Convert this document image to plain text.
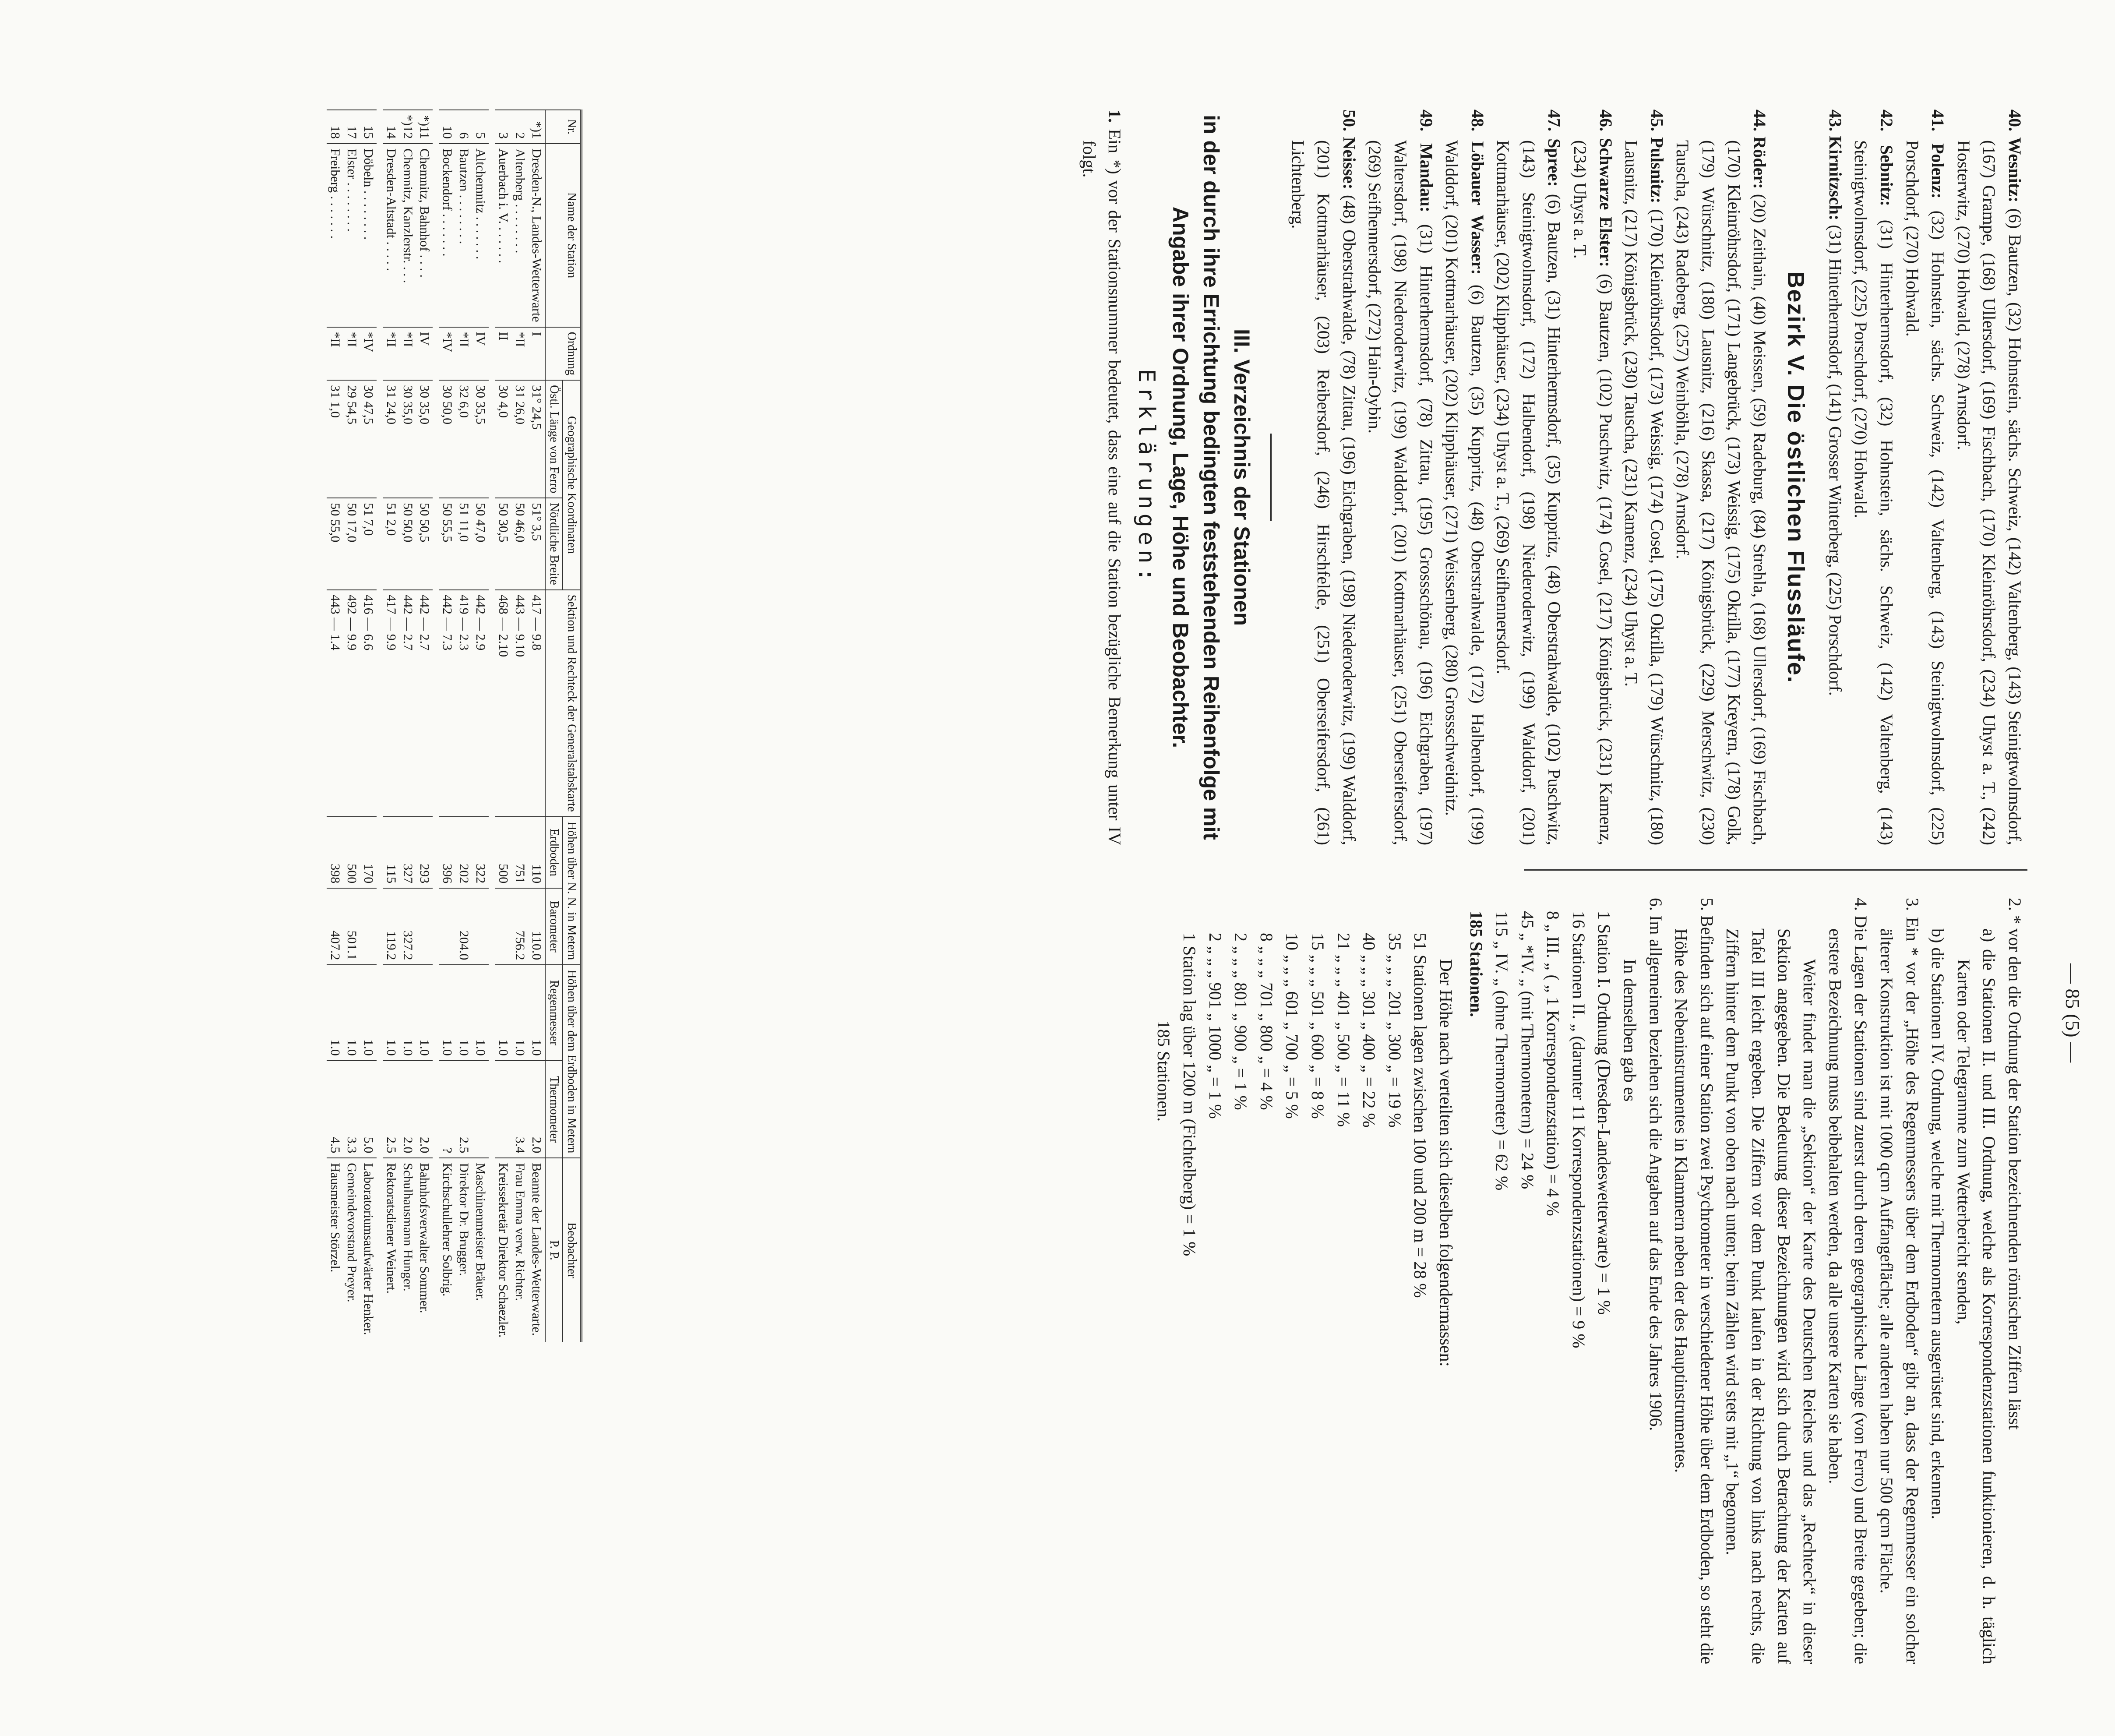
— 85 (5) —

40. Wesnitz: (6) Bautzen, (32) Hohnstein, sächs. Schweiz, (142) Valtenberg, (143) Steinigtwolmsdorf, (167) Grampe, (168) Ullersdorf, (169) Fischbach, (170) Kleinröhrsdorf, (234) Uhyst a. T., (242) Hosterwitz, (270) Hohwald, (278) Arnsdorf.

41. Polenz: (32) Hohnstein, sächs. Schweiz, (142) Valtenberg, (143) Steinigtwolmsdorf, (225) Porschdorf, (270) Hohwald.

42. Sebnitz: (31) Hinterhermsdorf, (32) Hohnstein, sächs. Schweiz, (142) Valtenberg, (143) Steinigtwolmsdorf, (225) Porschdorf, (270) Hohwald.

43. Kirnitzsch: (31) Hinterhermsdorf, (141) Grosser Winterberg, (225) Porschdorf.

Bezirk V. Die östlichen Flussläufe.

44. Röder: (20) Zeithain, (40) Meissen, (59) Radeburg, (84) Strehla, (168) Ullersdorf, (169) Fischbach, (170) Kleinröhrsdorf, (171) Langebrück, (173) Weissig, (175) Okrilla, (177) Kreyern, (178) Golk, (179) Würschnitz, (180) Lausnitz, (216) Skassa, (217) Königsbrück, (229) Merschwitz, (230) Tauscha, (243) Radeberg, (257) Weinböhla, (278) Arnsdorf.

45. Pulsnitz: (170) Kleinröhrsdorf, (173) Weissig, (174) Cosel, (175) Okrilla, (179) Würschnitz, (180) Lausnitz, (217) Königsbrück, (230) Tauscha, (231) Kamenz, (234) Uhyst a. T.

46. Schwarze Elster: (6) Bautzen, (102) Puschwitz, (174) Cosel, (217) Königsbrück, (231) Kamenz, (234) Uhyst a. T.

47. Spree: (6) Bautzen, (31) Hinterhermsdorf, (35) Kuppritz, (48) Oberstrahwalde, (102) Puschwitz, (143) Steinigtwolmsdorf, (172) Halbendorf, (198) Niederoderwitz, (199) Walddorf, (201) Kottmarhäuser, (202) Klipphäuser, (234) Uhyst a. T., (269) Seifhennersdorf.

48. Löbauer Wasser: (6) Bautzen, (35) Kuppritz, (48) Oberstrahwalde, (172) Halbendorf, (199) Walddorf, (201) Kottmarhäuser, (202) Klipphäuser, (271) Weissenberg, (280) Grossschweidnitz.

49. Mandau: (31) Hinterhermsdorf, (78) Zittau, (195) Grossschönau, (196) Eichgraben, (197) Waltersdorf, (198) Niederoderwitz, (199) Walddorf, (201) Kottmarhäuser, (251) Oberseifersdorf, (269) Seifhennersdorf, (272) Hain-Oybin.

50. Neisse: (48) Oberstrahwalde, (78) Zittau, (196) Eichgraben, (198) Niederoderwitz, (199) Walddorf, (201) Kottmarhäuser, (203) Reibersdorf, (246) Hirschfelde, (251) Oberseifersdorf, (261) Lichtenberg.

III. Verzeichnis der Stationen
in der durch ihre Errichtung bedingten feststehenden Reihenfolge mit
Angabe ihrer Ordnung, Lage, Höhe und Beobachter.
Erklärungen:

1. Ein *) vor der Stationsnummer bedeutet, dass eine auf die Station bezügliche Bemerkung unter IV folgt.

2. * vor den die Ordnung der Station bezeichnenden römischen Ziffern lässt

a) die Stationen II. und III. Ordnung, welche als Korrespondenzstationen funktionieren, d. h. täglich Karten oder Telegramme zum Wetterbericht senden,

b) die Stationen IV. Ordnung, welche mit Thermometern ausgerüstet sind, erkennen.

3. Ein * vor der „Höhe des Regenmessers über dem Erdboden“ gibt an, dass der Regenmesser ein solcher älterer Konstruktion ist mit 1000 qcm Auffangefläche; alle anderen haben nur 500 qcm Fläche.

4. Die Lagen der Stationen sind zuerst durch deren geographische Länge (von Ferro) und Breite gegeben; die erstere Bezeichnung muss beibehalten werden, da alle unsere Karten sie haben.

Weiter findet man die „Sektion“ der Karte des Deutschen Reiches und das „Rechteck“ in dieser Sektion angegeben. Die Bedeutung dieser Bezeichnungen wird sich durch Betrachtung der Karten auf Tafel III leicht ergeben. Die Ziffern vor dem Punkt laufen in der Richtung von links nach rechts, die Ziffern hinter dem Punkt von oben nach unten; beim Zählen wird stets mit „1“ begonnen.

5. Befinden sich auf einer Station zwei Psychrometer in verschiedener Höhe über dem Erdboden, so steht die Höhe des Nebeninstrumentes in Klammern neben der des Hauptinstrumentes.

6. Im allgemeinen beziehen sich die Angaben auf das Ende des Jahres 1906.

In demselben gab es

1 Station I. Ordnung (Dresden-Landeswetterwarte) = 1 %
16 Stationen II. „ (darunter 11 Korrespondenzstationen) = 9 %
8 „ III. „ ( „ 1 Korrespondenzstation) = 4 %
45 „ *IV. „ (mit Thermometern) = 24 %
115 „ IV. „ (ohne Thermometer) = 62 %
185 Stationen.

Der Höhe nach verteilten sich dieselben folgendermassen:

51 Stationen lagen zwischen 100 und 200 m = 28 %
35 „ „ „ 201 „ 300 „ = 19 %
40 „ „ „ 301 „ 400 „ = 22 %
21 „ „ „ 401 „ 500 „ = 11 %
15 „ „ „ 501 „ 600 „ = 8 %
10 „ „ „ 601 „ 700 „ = 5 %
8 „ „ „ 701 „ 800 „ = 4 %
2 „ „ „ 801 „ 900 „ = 1 %
2 „ „ „ 901 „ 1000 „ = 1 %
1 Station lag über 1200 m (Fichtelberg) = 1 %
185 Stationen.
Nr.	Name der Station	Ordnung	Geographische Koordinaten		Sektion und Rechteck der Generalstabskarte	Höhen über N. N. in Metern		Höhen über dem Erdboden in Metern		Beobachter
			Östl. Länge von Ferro	Nördliche Breite		Erdboden	Barometer	Regenmesser	Thermometer	P. P.
*)1	Dresden-N., Landes-Wetterwarte	I	31° 24,5	51° 3,5	417 — 9.8	110	110.0	1.0	2.0	Beamte der Landes-Wetterwarte.
2	Altenberg . . . . . . . .	*II	31 26,0	50 46,0	443 — 9.10	751	756.2	1.0	3.4	Frau Emma verw. Richter.
3	Auerbach i. V. . . . . . .	II	30 4,0	50 30,5	468 — 2.10	500		1.0		Kreissekretär Direktor Schaezler.
5	Altchemnitz . . . . . . .	IV	30 35,5	50 47,0	442 — 2.9	322		1.0		Maschinenmeister Bräuer.
6	Bautzen . . . . . . . .	*II	32 6,0	51 11,0	419 — 2.3	202	204.0	1.0	2.5	Direktor Dr. Brugger.
10	Bockendorf . . . . . . .	*IV	30 50,0	50 55,5	442 — 7.3	396		1.0	?	Kirchschullehrer Solbrig.
*)11	Chemnitz, Bahnhof . . . .	IV	30 35,0	50 50,5	442 — 2.7	293		1.0	2.0	Bahnhofsverwalter Sommer.
*)12	Chemnitz, Kanzlerstr. . . .	*II	30 35,0	50 50,0	442 — 2.7	327	327.2	1.0	2.0	Schulhausmann Hunger.
14	Dresden-Altstadt . . . . .	*II	31 24,0	51 2,0	417 — 9.9	115	119.2	1.0	2.5	Rektoratsdiener Weinert.
15	Döbeln . . . . . . . .	*IV	30 47,5	51 7,0	416 — 6.6	170		1.0	5.0	Laboratoriumsaufwärter Henker.
17	Elster . . . . . . . .	*II	29 54,5	50 17,0	492 — 9.9	500	501.1	1.0	3.3	Gemeindevorstand Preyer.
18	Freiberg . . . . . . .	*II	31 1,0	50 55,0	443 — 1.4	398	407.2	1.0	4.5	Hausmeister Störzel.
